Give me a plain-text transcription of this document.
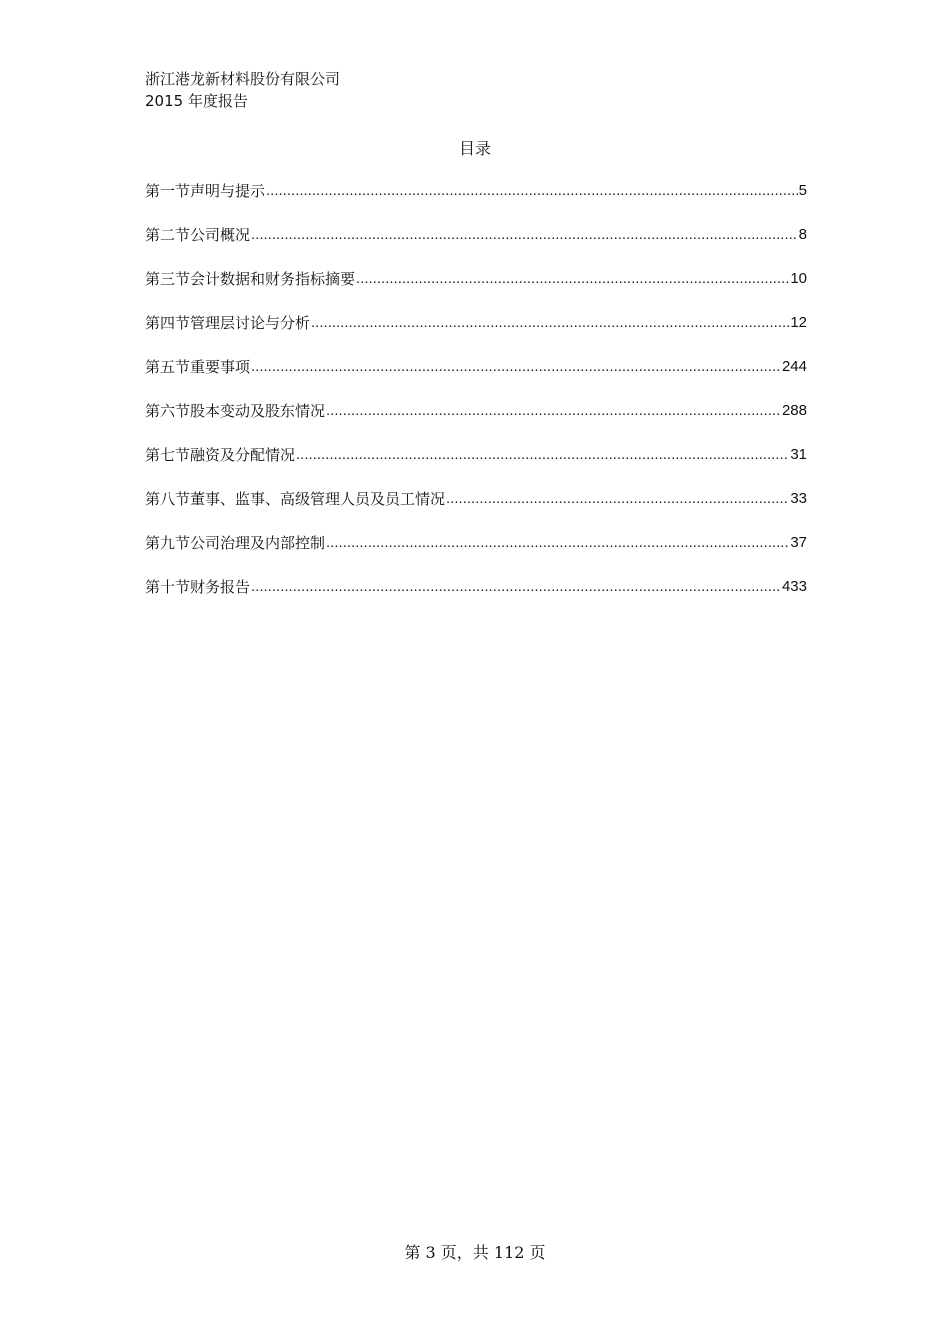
浙江港龙新材料股份有限公司
2015 年度报告
目录
第一节声明与提示 .....	5
第二节公司概况 .....	8
第三节会计数据和财务指标摘要 .....	10
第四节管理层讨论与分析 .....	12
第五节重要事项 .....	244
第六节股本变动及股东情况 .....	288
第七节融资及分配情况 .....	31
第八节董事、监事、高级管理人员及员工情况 .....	33
第九节公司治理及内部控制 .....	37
第十节财务报告 .....	433
第 3 页，共 112 页
